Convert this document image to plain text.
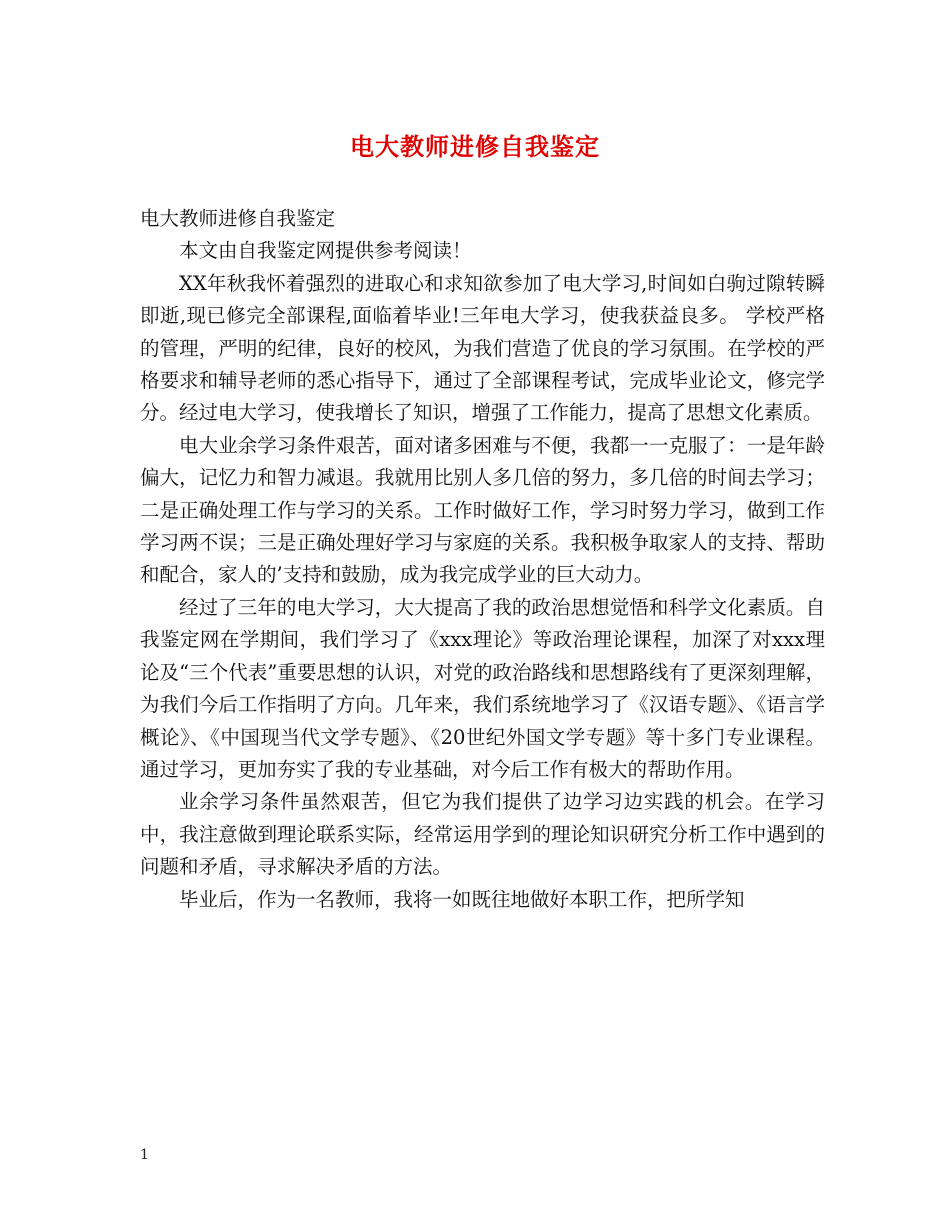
电大教师进修自我鉴定

电大教师进修自我鉴定

本文由自我鉴定网提供参考阅读！

XX年秋我怀着强烈的进取心和求知欲参加了电大学习,时间如白驹过隙转瞬即逝,现已修完全部课程,面临着毕业!三年电大学习，使我获益良多。 学校严格的管理，严明的纪律，良好的校风，为我们营造了优良的学习氛围。在学校的严格要求和辅导老师的悉心指导下，通过了全部课程考试，完成毕业论文，修完学分。经过电大学习，使我增长了知识，增强了工作能力，提高了思想文化素质。

电大业余学习条件艰苦，面对诸多困难与不便，我都一一克服了：一是年龄偏大，记忆力和智力减退。我就用比别人多几倍的努力，多几倍的时间去学习；二是正确处理工作与学习的关系。工作时做好工作，学习时努力学习，做到工作学习两不误；三是正确处理好学习与家庭的关系。我积极争取家人的支持、帮助和配合，家人的’支持和鼓励，成为我完成学业的巨大动力。

经过了三年的电大学习，大大提高了我的政治思想觉悟和科学文化素质。自我鉴定网在学期间，我们学习了《xxx理论》等政治理论课程，加深了对xxx理论及“三个代表”重要思想的认识，对党的政治路线和思想路线有了更深刻理解，为我们今后工作指明了方向。几年来，我们系统地学习了《汉语专题》、《语言学概论》、《中国现当代文学专题》、《20世纪外国文学专题》等十多门专业课程。通过学习，更加夯实了我的专业基础，对今后工作有极大的帮助作用。

业余学习条件虽然艰苦，但它为我们提供了边学习边实践的机会。在学习中，我注意做到理论联系实际，经常运用学到的理论知识研究分析工作中遇到的问题和矛盾，寻求解决矛盾的方法。

毕业后，作为一名教师，我将一如既往地做好本职工作，把所学知

1
